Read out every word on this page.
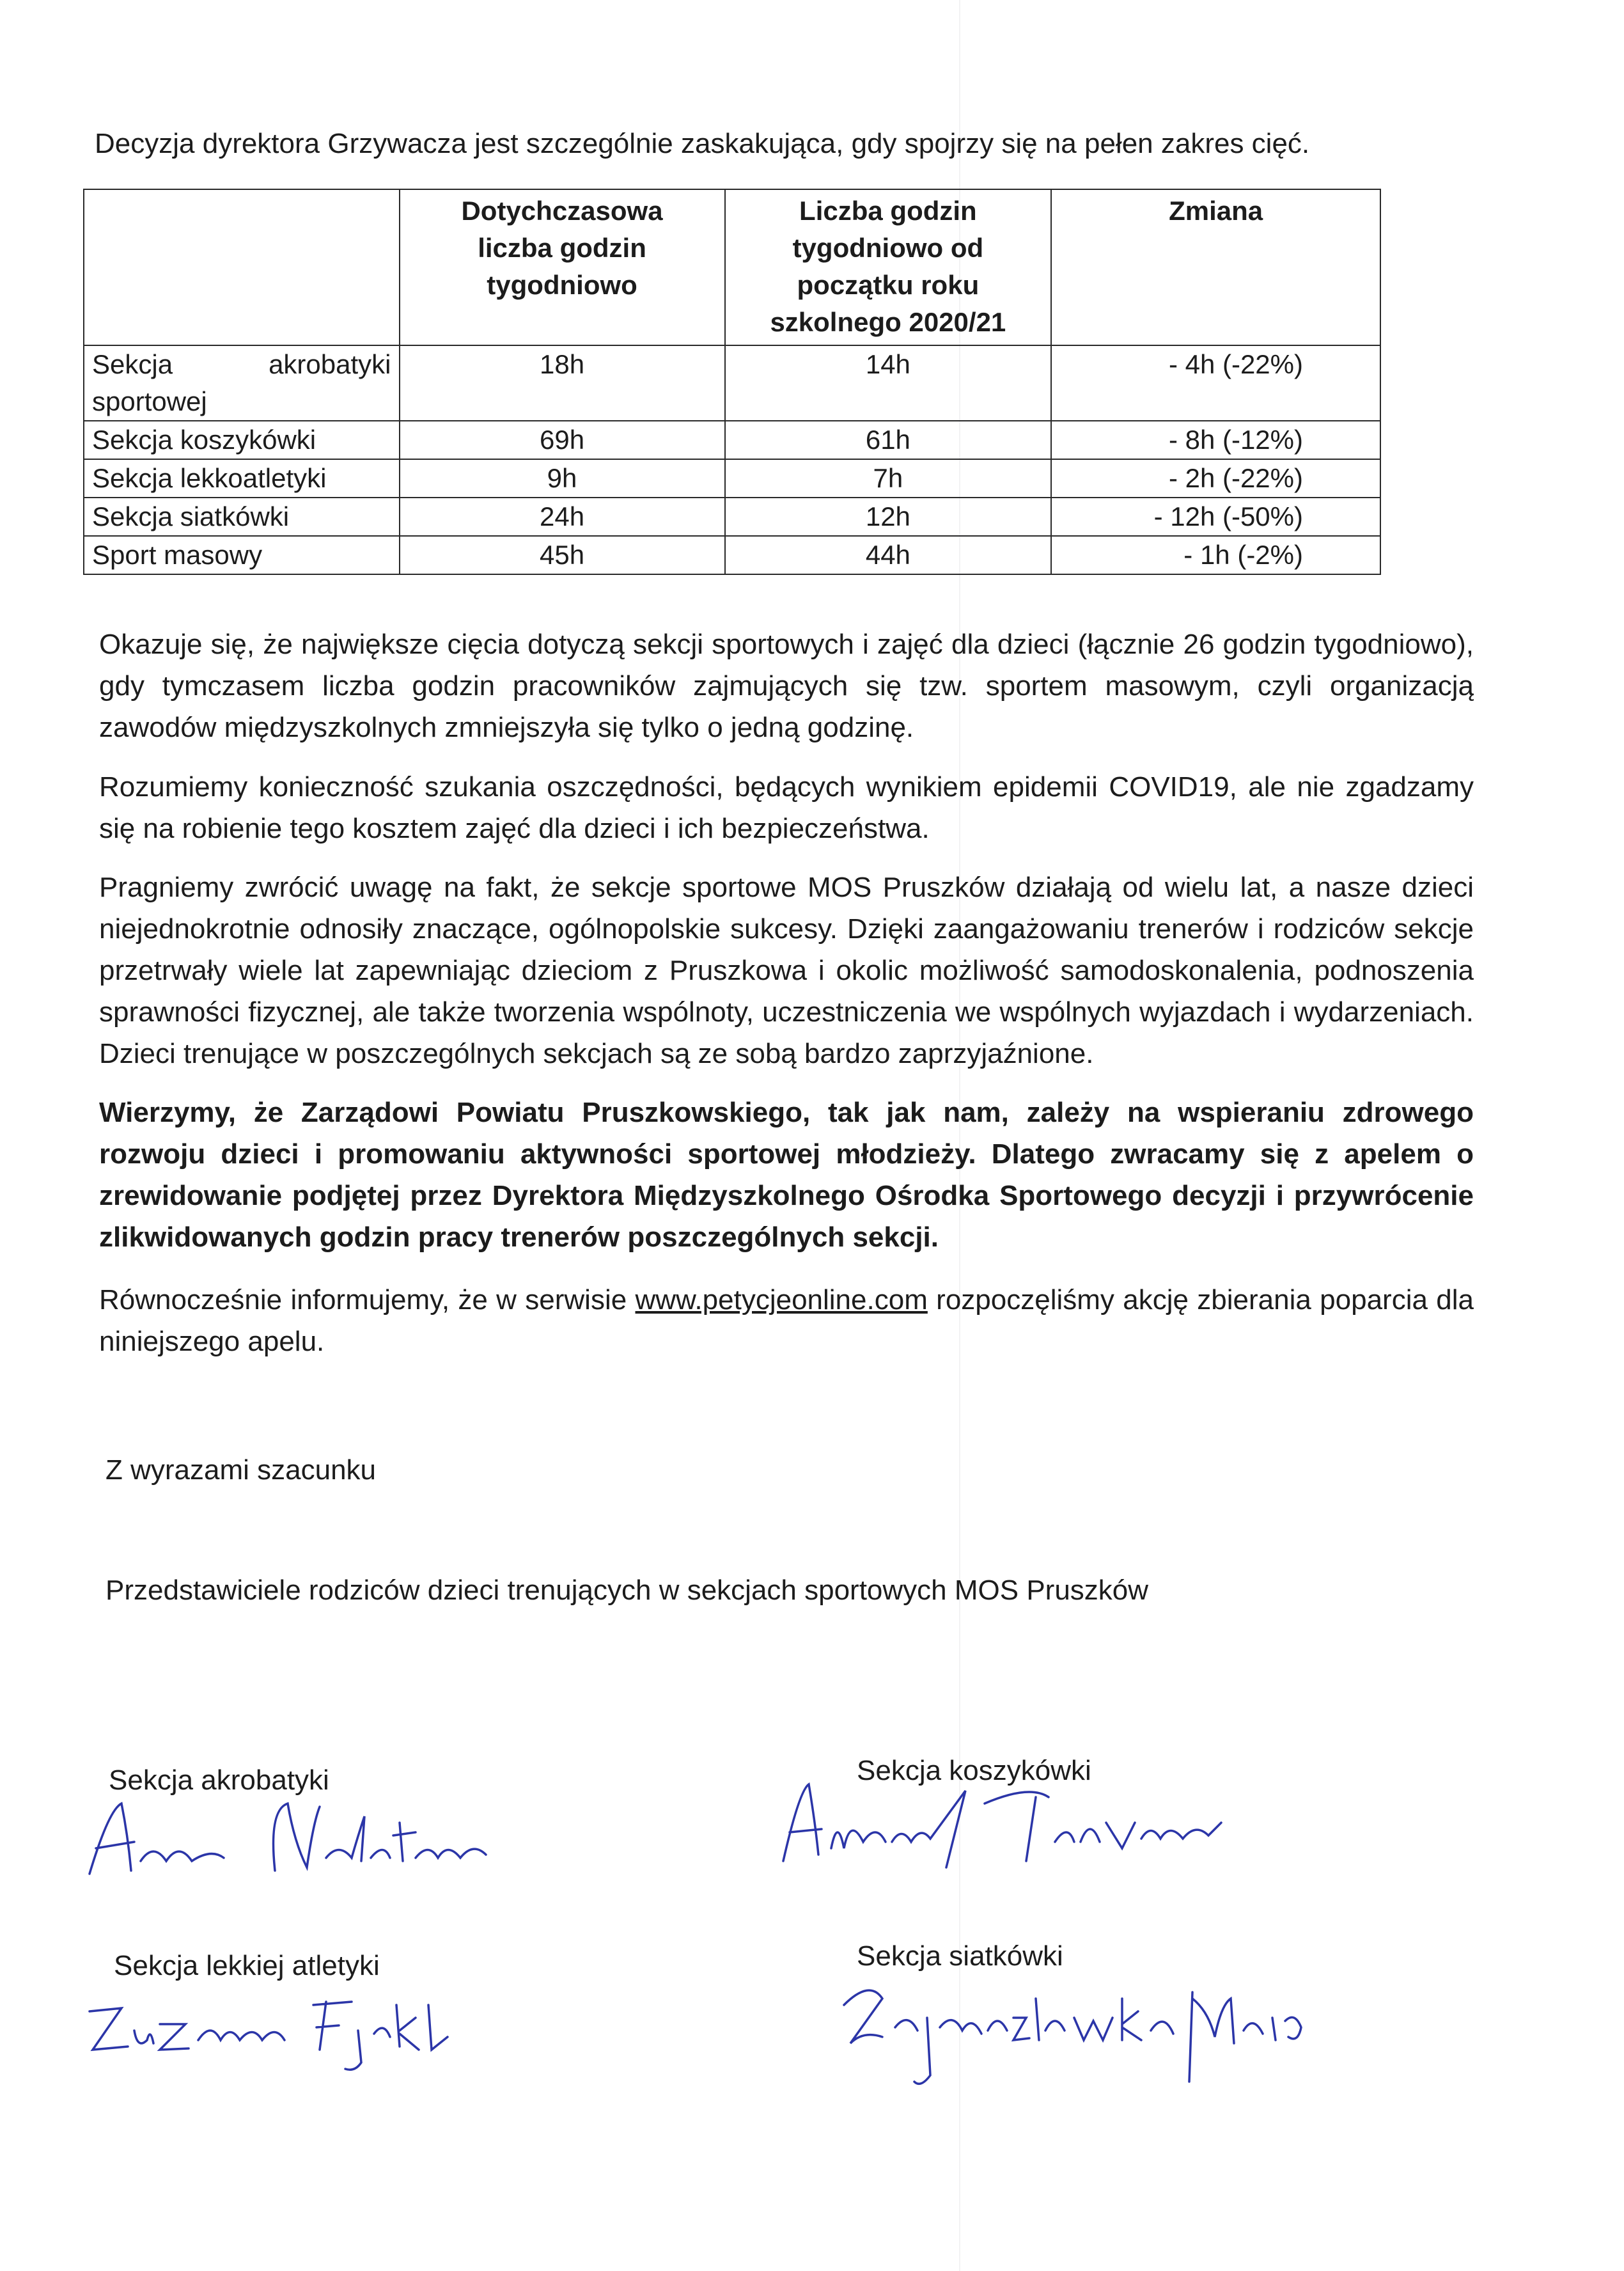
Decyzja dyrektora Grzywacza jest szczególnie zaskakująca, gdy spojrzy się na pełen zakres cięć.

	Dotychczasowa liczba godzin tygodniowo	Liczba godzin tygodniowo od początku roku szkolnego 2020/21	Zmiana

Sekcja akrobatyki
sportowej	18h	14h	- 4h (-22%)
Sekcja koszykówki	69h	61h	- 8h (-12%)
Sekcja lekkoatletyki	9h	7h	- 2h (-22%)
Sekcja siatkówki	24h	12h	- 12h (-50%)
Sport masowy	45h	44h	- 1h (-2%)

Okazuje się, że największe cięcia dotyczą sekcji sportowych i zajęć dla dzieci (łącznie 26 godzin tygodniowo), gdy tymczasem liczba godzin pracowników zajmujących się tzw. sportem masowym, czyli organizacją zawodów międzyszkolnych zmniejszyła się tylko o jedną godzinę.

Rozumiemy konieczność szukania oszczędności, będących wynikiem epidemii COVID19, ale nie zgadzamy się na robienie tego kosztem zajęć dla dzieci i ich bezpieczeństwa.

Pragniemy zwrócić uwagę na fakt, że sekcje sportowe MOS Pruszków działają od wielu lat, a nasze dzieci niejednokrotnie odnosiły znaczące, ogólnopolskie sukcesy. Dzięki zaangażowaniu trenerów i rodziców sekcje przetrwały wiele lat zapewniając dzieciom z Pruszkowa i okolic możliwość samodoskonalenia, podnoszenia sprawności fizycznej, ale także tworzenia wspólnoty, uczestniczenia we wspólnych wyjazdach i wydarzeniach. Dzieci trenujące w poszczególnych sekcjach są ze sobą bardzo zaprzyjaźnione.

Wierzymy, że Zarządowi Powiatu Pruszkowskiego, tak jak nam, zależy na wspieraniu zdrowego rozwoju dzieci i promowaniu aktywności sportowej młodzieży. Dlatego zwracamy się z apelem o zrewidowanie podjętej przez Dyrektora Międzyszkolnego Ośrodka Sportowego decyzji i przywrócenie zlikwidowanych godzin pracy trenerów poszczególnych sekcji.

Równocześnie informujemy, że w serwisie www.petycjeonline.com rozpoczęliśmy akcję zbierania poparcia dla niniejszego apelu.

Z wyrazami szacunku
Przedstawiciele rodziców dzieci trenujących w sekcjach sportowych MOS Pruszków
Sekcja akrobatyki	Sekcja koszykówki
Sekcja lekkiej atletyki	Sekcja siatkówki
